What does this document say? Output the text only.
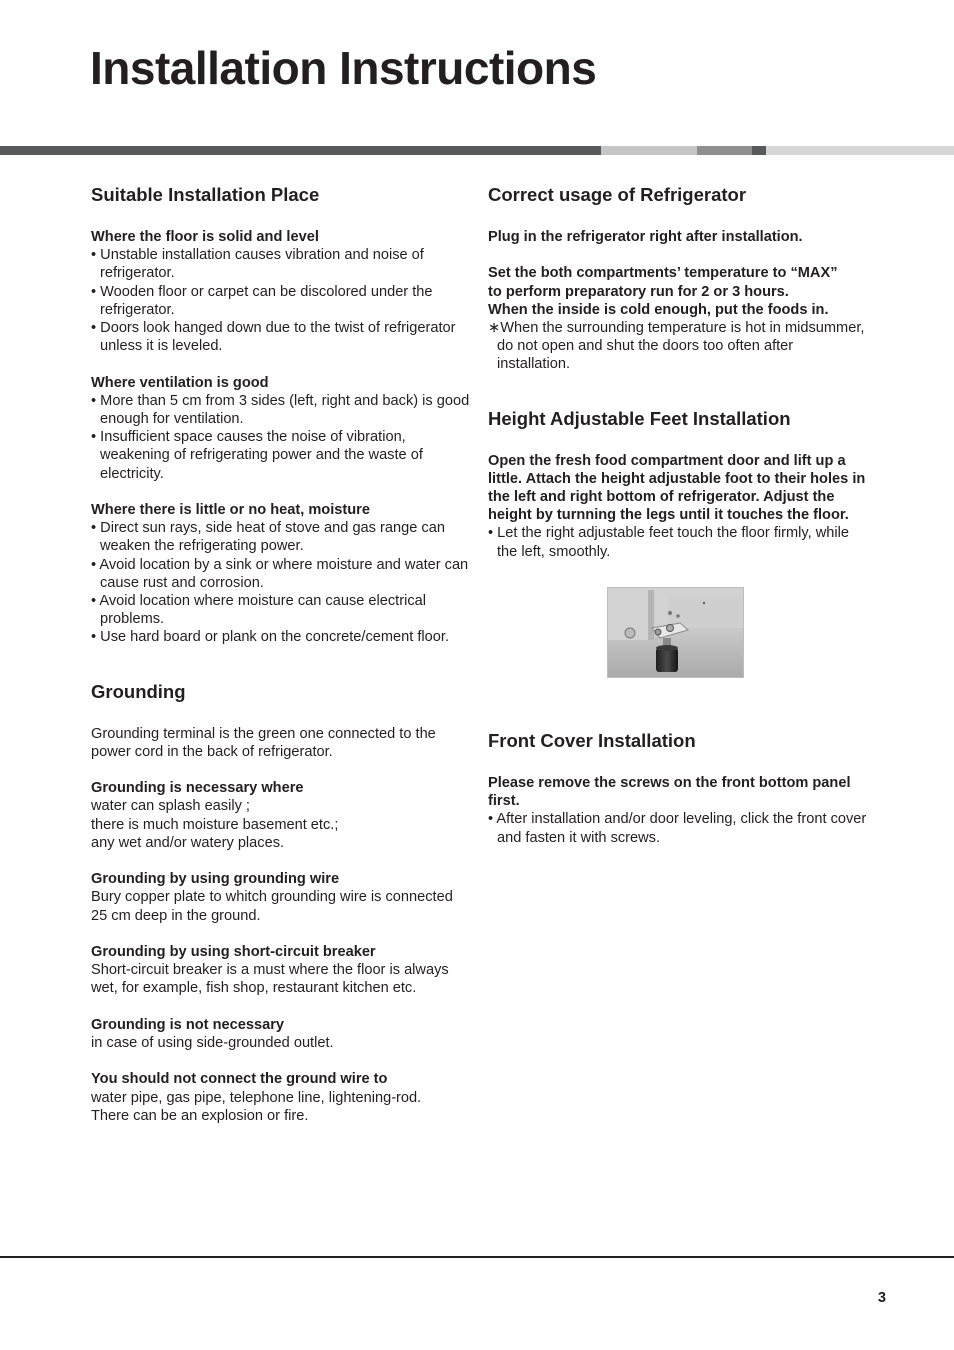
Installation Instructions
Suitable Installation Place

Where the floor is solid and level

• Unstable installation causes vibration and noise of refrigerator.

• Wooden floor or carpet can be discolored under the refrigerator.

• Doors look hanged down due to the twist of refrigerator unless it is leveled.

Where ventilation is good

• More than 5 cm from 3 sides (left, right and back) is good enough for ventilation.

• Insufficient space causes the noise of vibration, weakening of refrigerating power and the waste of electricity.

Where there is little or no heat, moisture

• Direct sun rays, side heat of stove and gas range can weaken the refrigerating power.

• Avoid location by a sink or where moisture and water can cause rust and corrosion.

• Avoid location where moisture can cause electrical problems.

• Use hard board or plank on the concrete/cement floor.

Grounding

Grounding terminal is the green one connected to the power cord in the back of refrigerator.

Grounding is necessary where

water can splash easily ;

there is much moisture basement etc.;

any wet and/or watery places.

Grounding by using grounding wire

Bury copper plate to whitch grounding wire is connected 25 cm deep in the ground.

Grounding by using short-circuit breaker

Short-circuit breaker is a must where the floor is always wet, for example, fish shop, restaurant kitchen etc.

Grounding is not necessary

in case of using side-grounded outlet.

You should not connect the ground wire to

water pipe, gas pipe, telephone line, lightening-rod.

There can be an explosion or fire.

Correct usage of Refrigerator

Plug in the refrigerator right after installation.

Set the both compartments’ temperature to “MAX”

to perform preparatory run for 2 or 3 hours.

When the inside is cold enough, put the foods in.

∗When the surrounding temperature is hot in midsummer, do not open and shut the doors too often after installation.

Height Adjustable Feet Installation

Open the fresh food compartment door and lift up a little. Attach the height adjustable foot to their holes in the left and right bottom of refrigerator. Adjust the height by turnning the legs until it touches the floor.

• Let the right adjustable feet touch the floor firmly, while the left, smoothly.

Front Cover Installation

Please remove the screws on the front bottom panel first.

• After installation and/or door leveling, click the front cover and fasten it with screws.

3
